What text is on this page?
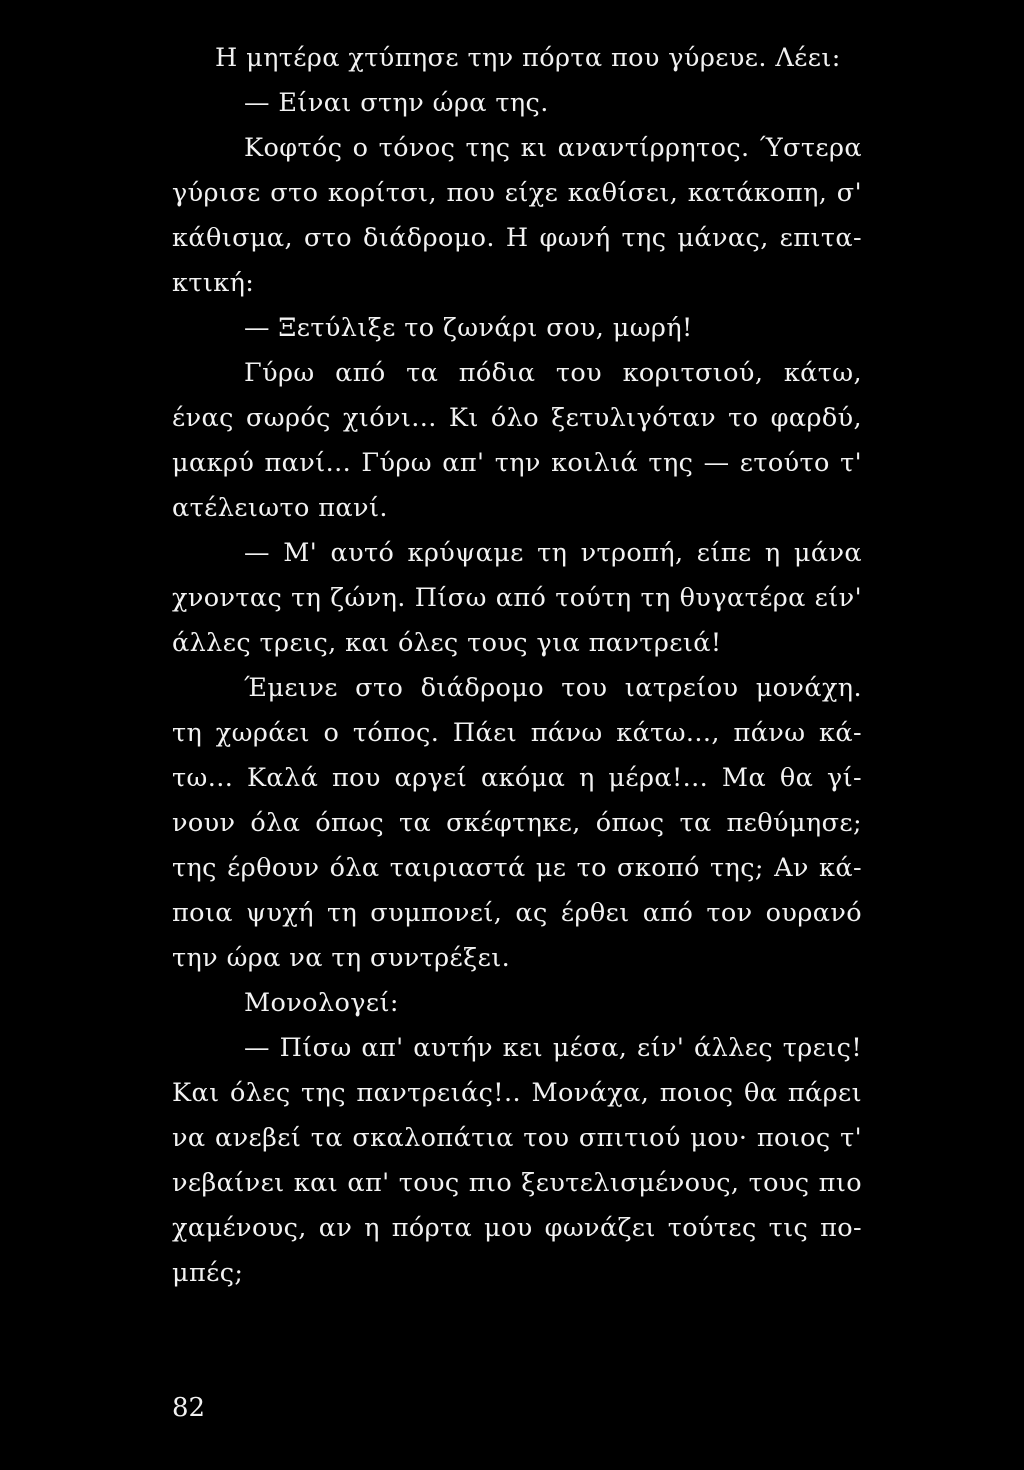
Η μητέρα χτύπησε την πόρτα που γύρευε. Λέει:
— Είναι στην ώρα της.
Κοφτός ο τόνος της κι αναντίρρητος. Ύστερα
γύρισε στο κορίτσι, που είχε καθίσει, κατάκοπη, σ'
κάθισμα, στο διάδρομο. Η φωνή της μάνας, επιτα-
κτική:
— Ξετύλιξε το ζωνάρι σου, μωρή!
Γύρω από τα πόδια του κοριτσιού, κάτω,
ένας σωρός χιόνι... Κι όλο ξετυλιγόταν το φαρδύ,
μακρύ πανί... Γύρω απ' την κοιλιά της — ετούτο τ'
ατέλειωτο πανί.
— Μ' αυτό κρύψαμε τη ντροπή, είπε η μάνα
χνοντας τη ζώνη. Πίσω από τούτη τη θυγατέρα είν'
άλλες τρεις, και όλες τους για παντρειά!
Έμεινε στο διάδρομο του ιατρείου μονάχη.
τη χωράει ο τόπος. Πάει πάνω κάτω..., πάνω κά-
τω... Καλά που αργεί ακόμα η μέρα!... Μα θα γί-
νουν όλα όπως τα σκέφτηκε, όπως τα πεθύμησε;
της έρθουν όλα ταιριαστά με το σκοπό της; Αν κά-
ποια ψυχή τη συμπονεί, ας έρθει από τον ουρανό
την ώρα να τη συντρέξει.
Μονολογεί:
— Πίσω απ' αυτήν κει μέσα, είν' άλλες τρεις!
Και όλες της παντρειάς!.. Μονάχα, ποιος θα πάρει
να ανεβεί τα σκαλοπάτια του σπιτιού μου· ποιος τ'
νεβαίνει και απ' τους πιο ξευτελισμένους, τους πιο
χαμένους, αν η πόρτα μου φωνάζει τούτες τις πο-
μπές;
82
